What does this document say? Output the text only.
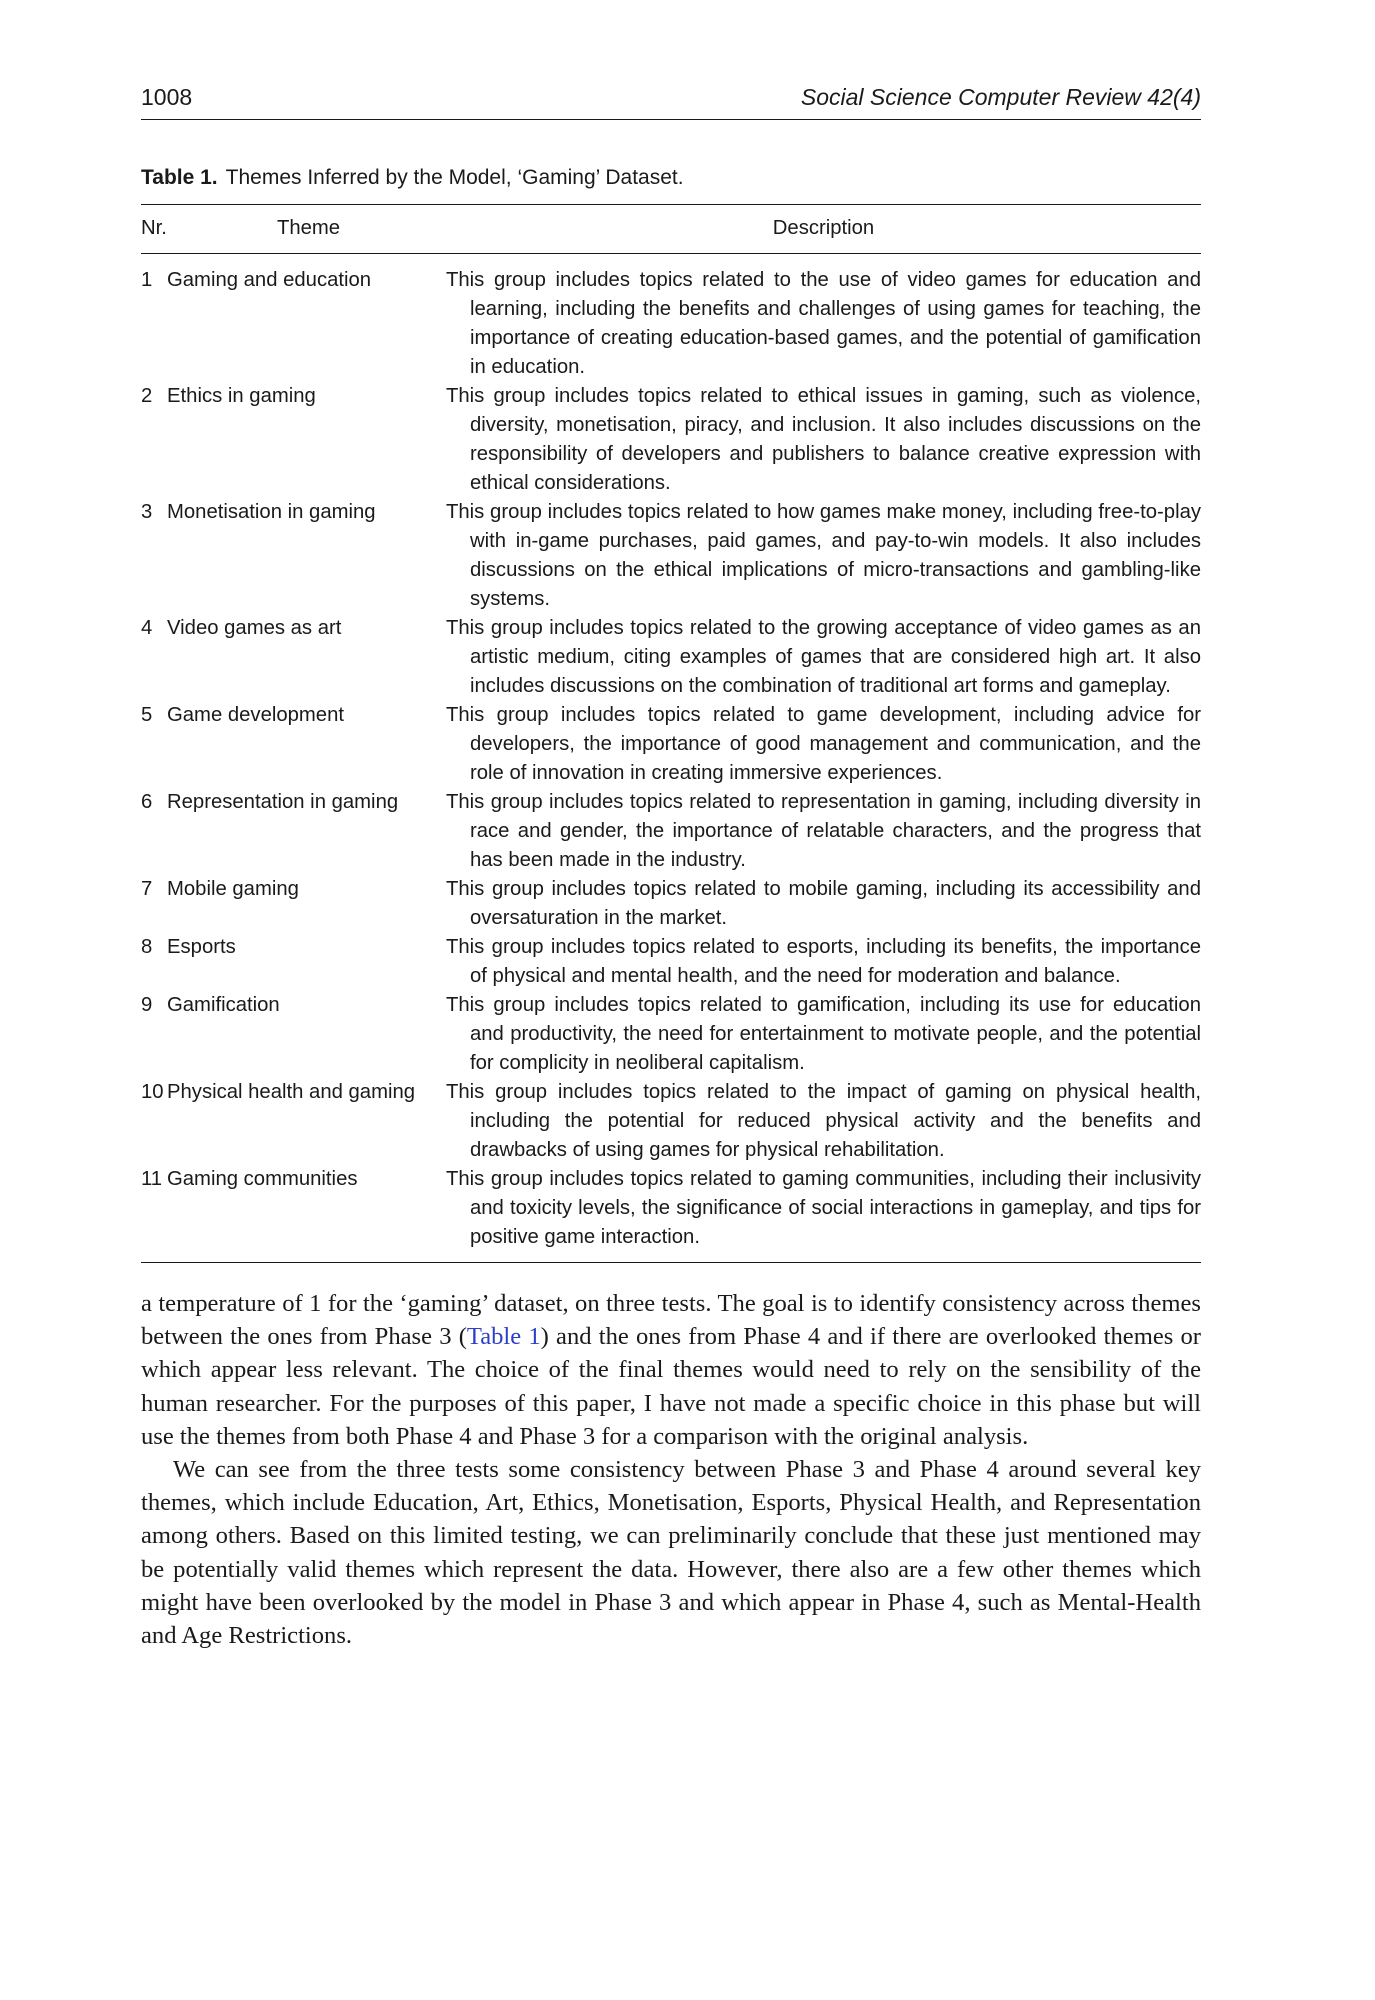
1008	Social Science Computer Review 42(4)
Table 1. Themes Inferred by the Model, ‘Gaming’ Dataset.
Nr.	Theme	Description
1	Gaming and education	This group includes topics related to the use of video games for education and learning, including the benefits and challenges of using games for teaching, the importance of creating education-based games, and the potential of gamification in education.
2	Ethics in gaming	This group includes topics related to ethical issues in gaming, such as violence, diversity, monetisation, piracy, and inclusion. It also includes discussions on the responsibility of developers and publishers to balance creative expression with ethical considerations.
3	Monetisation in gaming	This group includes topics related to how games make money, including free-to-play with in-game purchases, paid games, and pay-to-win models. It also includes discussions on the ethical implications of micro-transactions and gambling-like systems.
4	Video games as art	This group includes topics related to the growing acceptance of video games as an artistic medium, citing examples of games that are considered high art. It also includes discussions on the combination of traditional art forms and gameplay.
5	Game development	This group includes topics related to game development, including advice for developers, the importance of good management and communication, and the role of innovation in creating immersive experiences.
6	Representation in gaming	This group includes topics related to representation in gaming, including diversity in race and gender, the importance of relatable characters, and the progress that has been made in the industry.
7	Mobile gaming	This group includes topics related to mobile gaming, including its accessibility and oversaturation in the market.
8	Esports	This group includes topics related to esports, including its benefits, the importance of physical and mental health, and the need for moderation and balance.
9	Gamification	This group includes topics related to gamification, including its use for education and productivity, the need for entertainment to motivate people, and the potential for complicity in neoliberal capitalism.
10	Physical health and gaming	This group includes topics related to the impact of gaming on physical health, including the potential for reduced physical activity and the benefits and drawbacks of using games for physical rehabilitation.
11	Gaming communities	This group includes topics related to gaming communities, including their inclusivity and toxicity levels, the significance of social interactions in gameplay, and tips for positive game interaction.

a temperature of 1 for the ‘gaming’ dataset, on three tests. The goal is to identify consistency across themes between the ones from Phase 3 (Table 1) and the ones from Phase 4 and if there are overlooked themes or which appear less relevant. The choice of the final themes would need to rely on the sensibility of the human researcher. For the purposes of this paper, I have not made a specific choice in this phase but will use the themes from both Phase 4 and Phase 3 for a comparison with the original analysis.

We can see from the three tests some consistency between Phase 3 and Phase 4 around several key themes, which include Education, Art, Ethics, Monetisation, Esports, Physical Health, and Representation among others. Based on this limited testing, we can preliminarily conclude that these just mentioned may be potentially valid themes which represent the data. However, there also are a few other themes which might have been overlooked by the model in Phase 3 and which appear in Phase 4, such as Mental-Health and Age Restrictions.
